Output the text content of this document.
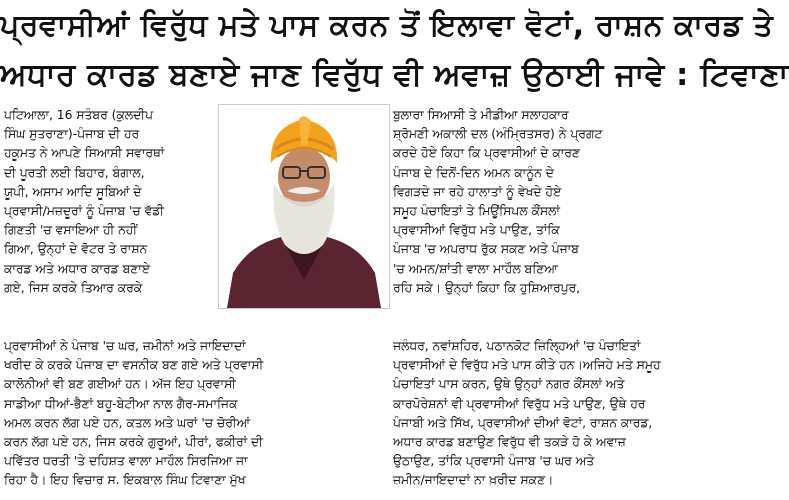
ਪ੍ਰਵਾਸੀਆਂ ਵਿਰੁੱਧ ਮਤੇ ਪਾਸ ਕਰਨ ਤੋਂ ਇਲਾਵਾ ਵੋਟਾਂ, ਰਾਸ਼ਨ ਕਾਰਡ ਤੇ
ਅਧਾਰ ਕਾਰਡ ਬਣਾਏ ਜਾਣ ਵਿਰੁੱਧ ਵੀ ਅਵਾਜ਼ ਉਠਾਈ ਜਾਵੇ : ਟਿਵਾਣਾ
ਪਟਿਆਲਾ, 16 ਸਤੰਬਰ (ਕੁਲਦੀਪ
ਸਿੰਘ ਸੁਤਰਾਣਾ)-ਪੰਜਾਬ ਦੀ ਹਰ
ਹਕੂਮਤ ਨੇ ਆਪਣੇ ਸਿਆਸੀ ਸਵਾਰਥਾਂ
ਦੀ ਪੂਰਤੀ ਲਈ ਬਿਹਾਰ, ਬੰਗਾਲ,
ਯੂਪੀ, ਅਸਾਮ ਆਦਿ ਸੂਬਿਆਂ ਦੇ
ਪ੍ਰਵਾਸੀ/ਮਜ਼ਦੂਰਾਂ ਨੂੰ ਪੰਜਾਬ 'ਚ ਵੱਡੀ
ਗਿਣਤੀ 'ਚ ਵਸਾਇਆ ਹੀ ਨਹੀਂ
ਗਿਆ, ਉਨ੍ਹਾਂ ਦੇ ਵੋਟਰ ਤੇ ਰਾਸ਼ਨ
ਕਾਰਡ ਅਤੇ ਅਧਾਰ ਕਾਰਡ ਬਣਾਏ
ਗਏ, ਜਿਸ ਕਰਕੇ ਤਿਆਰ ਕਰਕੇ
ਬੁਲਾਰਾ ਸਿਆਸੀ ਤੇ ਮੀਡੀਆ ਸਲਾਹਕਾਰ
ਸ਼੍ਰੋਮਣੀ ਅਕਾਲੀ ਦਲ (ਅੰਮ੍ਰਿਤਸਰ) ਨੇ ਪ੍ਰਗਟ
ਕਰਦੇ ਹੋਏ ਕਿਹਾ ਕਿ ਪ੍ਰਵਾਸੀਆਂ ਦੇ ਕਾਰਣ
ਪੰਜਾਬ ਦੇ ਦਿਨੋਂ-ਦਿਨ ਅਮਨ ਕਾਨੂੰਨ ਦੇ
ਵਿਗੜਦੇ ਜਾ ਰਹੇ ਹਾਲਾਤਾਂ ਨੂੰ ਵੇਖਦੇ ਹੋਏ
ਸਮੂਹ ਪੰਚਾਇਤਾਂ ਤੇ ਮਿਊਂਸਿਪਲ ਕੌਂਸਲਾਂ
ਪ੍ਰਵਾਸੀਆਂ ਵਿਰੁੱਧ ਮਤੇ ਪਾਉਣ, ਤਾਂਕਿ
ਪੰਜਾਬ 'ਚ ਅਪਰਾਧ ਰੁੱਕ ਸਕਣ ਅਤੇ ਪੰਜਾਬ
'ਚ ਅਮਨ/ਸ਼ਾਂਤੀ ਵਾਲਾ ਮਾਹੌਲ ਬਣਿਆ
ਰਹਿ ਸਕੇ। ਉਨ੍ਹਾਂ ਕਿਹਾ ਕਿ ਹੁਸ਼ਿਆਰਪੁਰ,
ਪ੍ਰਵਾਸੀਆਂ ਨੇ ਪੰਜਾਬ 'ਚ ਘਰ, ਜ਼ਮੀਨਾਂ ਅਤੇ ਜਾਇਦਾਦਾਂ
ਖਰੀਦ ਕੇ ਕਰਕੇ ਪੰਜਾਬ ਦਾ ਵਸਨੀਕ ਬਣ ਗਏ ਅਤੇ ਪ੍ਰਵਾਸੀ
ਕਾਲੋਨੀਆਂ ਵੀ ਬਣ ਗਈਆਂ ਹਨ। ਅੱਜ ਇਹ ਪ੍ਰਵਾਸੀ
ਸਾਡੀਆ ਧੀਆਂ-ਭੈਣਾਂ ਬਹੂ-ਬੇਟੀਆ ਨਾਲ ਗੈਰ-ਸਮਾਜਿਕ
ਅਮਲ ਕਰਨ ਲੱਗ ਪਏ ਹਨ, ਕਤਲ ਅਤੇ ਘਰਾਂ 'ਚ ਚੋਰੀਆਂ
ਕਰਨ ਲੱਗ ਪਏ ਹਨ, ਜਿਸ ਕਰਕੇ ਗੁਰੂਆਂ, ਪੀਰਾਂ, ਫਕੀਰਾਂ ਦੀ
ਪਵਿੱਤਰ ਧਰਤੀ 'ਤੇ ਦਹਿਸ਼ਤ ਵਾਲਾ ਮਾਹੌਲ ਸਿਰਜਿਆ ਜਾ
ਰਿਹਾ ਹੈ। ਇਹ ਵਿਚਾਰ ਸ. ਇਕਬਾਲ ਸਿੰਘ ਟਿਵਾਣਾ ਮੁੱਖ
ਜਲੰਧਰ, ਨਵਾਂਸ਼ਹਿਰ, ਪਠਾਨਕੋਟ ਜ਼ਿਲ੍ਹਿਆਂ 'ਚ ਪੰਚਾਇਤਾਂ
ਪ੍ਰਵਾਸੀਆਂ ਦੇ ਵਿਰੁੱਧ ਮਤੇ ਪਾਸ ਕੀਤੇ ਹਨ।ਅਜਿਹੇ ਮਤੇ ਸਮੂਹ
ਪੰਚਾਇਤਾਂ ਪਾਸ ਕਰਨ, ਉਥੇ ਉਨ੍ਹਾਂ ਨਗਰ ਕੌਂਸਲਾਂ ਅਤੇ
ਕਾਰਪੋਰੇਸ਼ਨਾਂ ਵੀ ਪ੍ਰਵਾਸੀਆਂ ਵਿਰੁੱਧ ਮਤੇ ਪਾਉਣ, ਉਥੇ ਹਰ
ਪੰਜਾਬੀ ਅਤੇ ਸਿੱਖ, ਪ੍ਰਵਾਸੀਆਂ ਦੀਆਂ ਵੋਟਾਂ, ਰਾਸ਼ਨ ਕਾਰਡ,
ਅਧਾਰ ਕਾਰਡ ਬਣਾਉਣ ਵਿਰੁੱਧ ਵੀ ਤਕੜੇ ਹੋ ਕੇ ਅਵਾਜ਼
ਉਠਾਉਣ, ਤਾਂਕਿ ਪ੍ਰਵਾਸੀ ਪੰਜਾਬ 'ਚ ਘਰ ਅਤੇ
ਜ਼ਮੀਨ/ਜਾਇਦਾਦਾਂ ਨਾ ਖ਼ਰੀਦ ਸਕਣ।
